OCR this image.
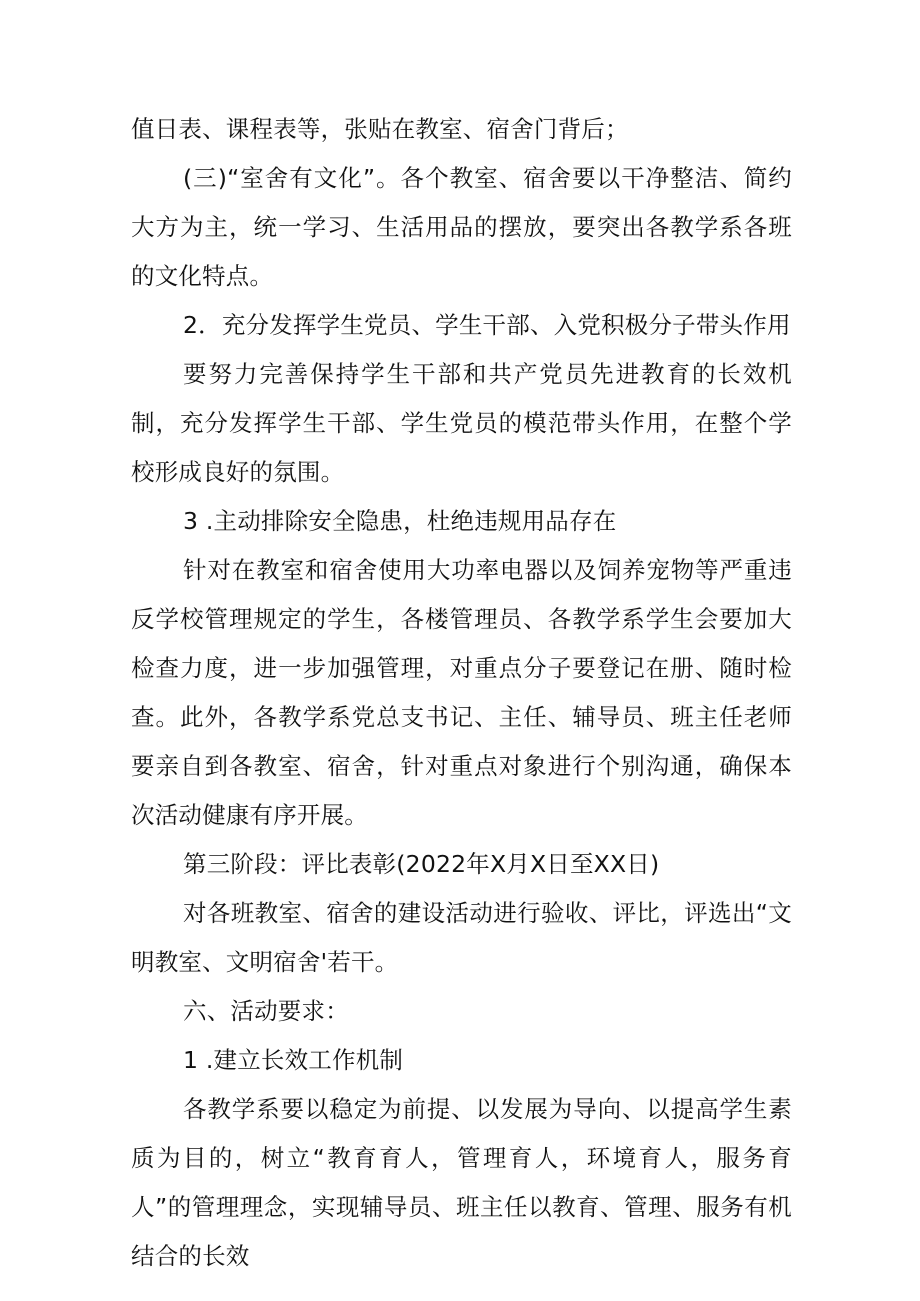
值日表、课程表等，张贴在教室、宿舍门背后；

(三)“室舍有文化”。各个教室、宿舍要以干净整洁、简约大方为主，统一学习、生活用品的摆放，要突出各教学系各班的文化特点。

2．充分发挥学生党员、学生干部、入党积极分子带头作用

要努力完善保持学生干部和共产党员先进教育的长效机制，充分发挥学生干部、学生党员的模范带头作用，在整个学校形成良好的氛围。

3 .主动排除安全隐患，杜绝违规用品存在

针对在教室和宿舍使用大功率电器以及饲养宠物等严重违反学校管理规定的学生，各楼管理员、各教学系学生会要加大检查力度，进一步加强管理，对重点分子要登记在册、随时检查。此外，各教学系党总支书记、主任、辅导员、班主任老师要亲自到各教室、宿舍，针对重点对象进行个别沟通，确保本次活动健康有序开展。

第三阶段：评比表彰(2022年X月X日至XX日)

对各班教室、宿舍的建设活动进行验收、评比，评选出“文明教室、文明宿舍'若干。

六、活动要求：

1 .建立长效工作机制

各教学系要以稳定为前提、以发展为导向、以提高学生素质为目的，树立“教育育人，管理育人，环境育人，服务育人”的管理理念，实现辅导员、班主任以教育、管理、服务有机结合的长效
